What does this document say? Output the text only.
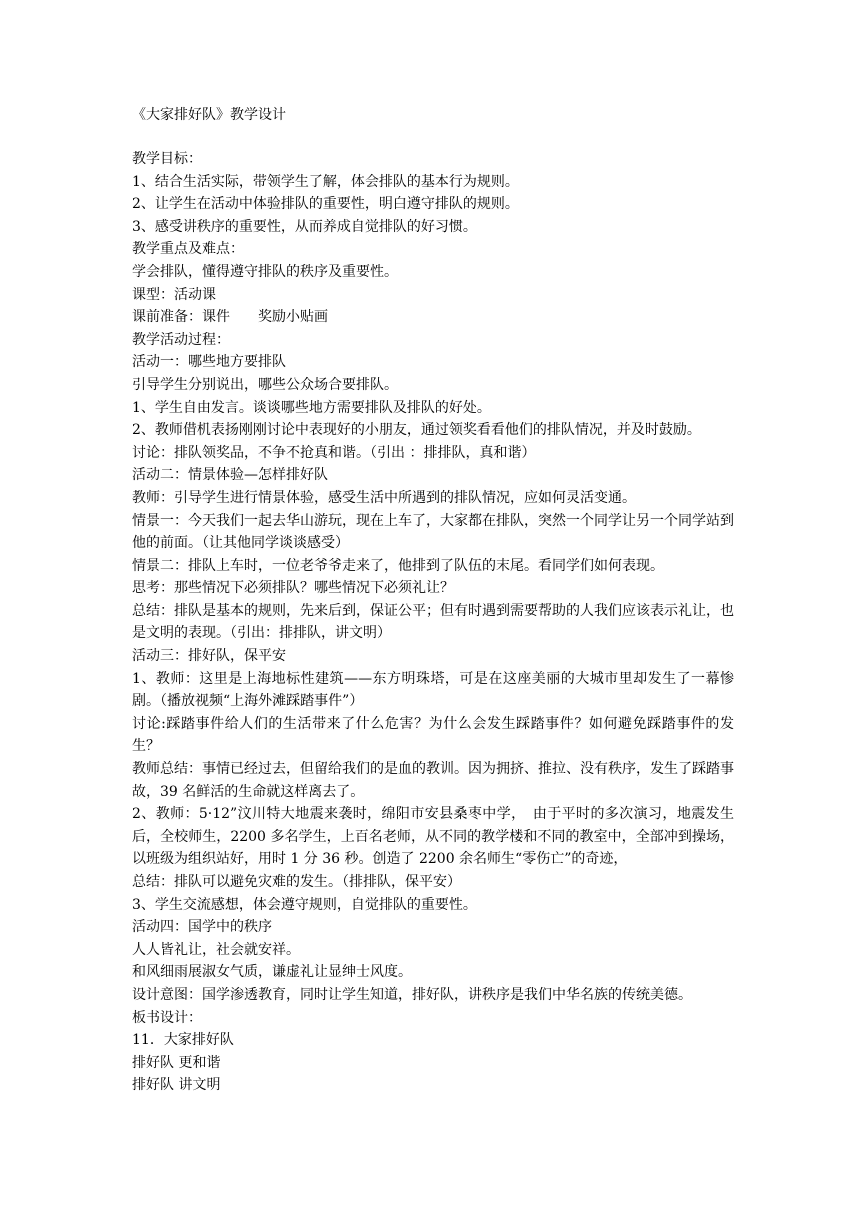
《大家排好队》教学设计

教学目标：

1、结合生活实际，带领学生了解，体会排队的基本行为规则。

2、让学生在活动中体验排队的重要性，明白遵守排队的规则。

3、感受讲秩序的重要性，从而养成自觉排队的好习惯。

教学重点及难点：

学会排队，懂得遵守排队的秩序及重要性。

课型：活动课

课前准备：课件　　奖励小贴画

教学活动过程：

活动一：哪些地方要排队

引导学生分别说出，哪些公众场合要排队。

1、学生自由发言。谈谈哪些地方需要排队及排队的好处。

2、教师借机表扬刚刚讨论中表现好的小朋友，通过领奖看看他们的排队情况，并及时鼓励。

讨论：排队领奖品，不争不抢真和谐。（引出 ：排排队，真和谐）

活动二：情景体验—怎样排好队

教师：引导学生进行情景体验，感受生活中所遇到的排队情况，应如何灵活变通。

情景一：今天我们一起去华山游玩，现在上车了，大家都在排队，突然一个同学让另一个同学站到他的前面。（让其他同学谈谈感受）

情景二：排队上车时，一位老爷爷走来了，他排到了队伍的末尾。看同学们如何表现。

思考：那些情况下必须排队？哪些情况下必须礼让？

总结：排队是基本的规则，先来后到，保证公平；但有时遇到需要帮助的人我们应该表示礼让，也是文明的表现。（引出：排排队，讲文明）

活动三：排好队，保平安

1、教师：这里是上海地标性建筑——东方明珠塔，可是在这座美丽的大城市里却发生了一幕惨剧。（播放视频“上海外滩踩踏事件”）

讨论:踩踏事件给人们的生活带来了什么危害？为什么会发生踩踏事件？如何避免踩踏事件的发生？

教师总结：事情已经过去，但留给我们的是血的教训。因为拥挤、推拉、没有秩序，发生了踩踏事故，39 名鲜活的生命就这样离去了。

2、教师：5·12”汶川特大地震来袭时，绵阳市安县桑枣中学，　由于平时的多次演习，地震发生后，全校师生，2200 多名学生，上百名老师，从不同的教学楼和不同的教室中，全部冲到操场，以班级为组织站好，用时 1 分 36 秒。创造了 2200 余名师生“零伤亡”的奇迹，

总结：排队可以避免灾难的发生。（排排队，保平安）

3、学生交流感想，体会遵守规则，自觉排队的重要性。

活动四：国学中的秩序

人人皆礼让，社会就安祥。

和风细雨展淑女气质，谦虚礼让显绅士风度。

设计意图：国学渗透教育，同时让学生知道，排好队，讲秩序是我们中华名族的传统美德。

板书设计：

11．大家排好队

排好队 更和谐

排好队 讲文明
